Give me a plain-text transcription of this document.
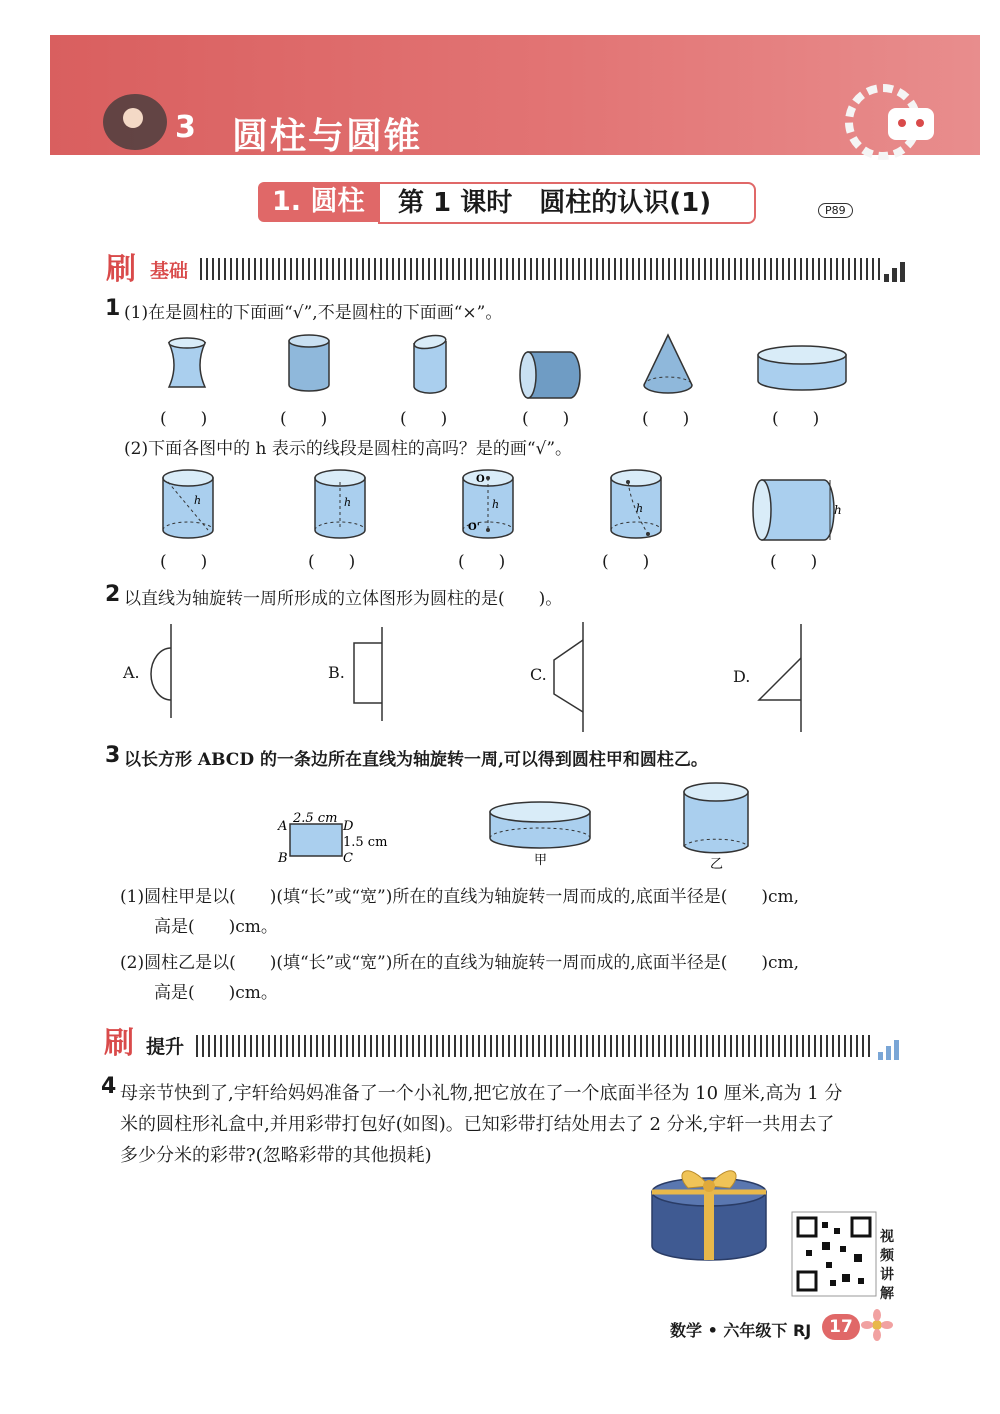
3 圆柱与圆锥
1. 圆柱	第 1 课时 圆柱的认识(1)	P89
刷 基础
1 (1)在是圆柱的下面画“√”,不是圆柱的下面画“×”。
(　　)	(　　)	(　　)	(　　)	(　　)	(　　)
(2)下面各图中的 h 表示的线段是圆柱的高吗？是的画“√”。
h	h
O
O'
h	h	h
(　　)	(　　)	(　　)	(　　)	(　　)
2 以直线为轴旋转一周所形成的立体图形为圆柱的是(　　)。
A.	B.	C.	D.
3 以长方形 ABCD 的一条边所在直线为轴旋转一周,可以得到圆柱甲和圆柱乙。
2.5 cm
A
B	C
D
1.5 cm
甲	乙
(1)圆柱甲是以(　　)(填“长”或“宽”)所在的直线为轴旋转一周而成的,底面半径是(　　)cm,
高是(　　)cm。
(2)圆柱乙是以(　　)(填“长”或“宽”)所在的直线为轴旋转一周而成的,底面半径是(　　)cm,
高是(　　)cm。
刷 提升
4 母亲节快到了,宇轩给妈妈准备了一个小礼物,把它放在了一个底面半径为 10 厘米,高为 1 分
米的圆柱形礼盒中,并用彩带打包好(如图)。已知彩带打结处用去了 2 分米,宇轩一共用去了
多少分米的彩带?(忽略彩带的其他损耗)
视频讲解
数学 • 六年级下 RJ	17
